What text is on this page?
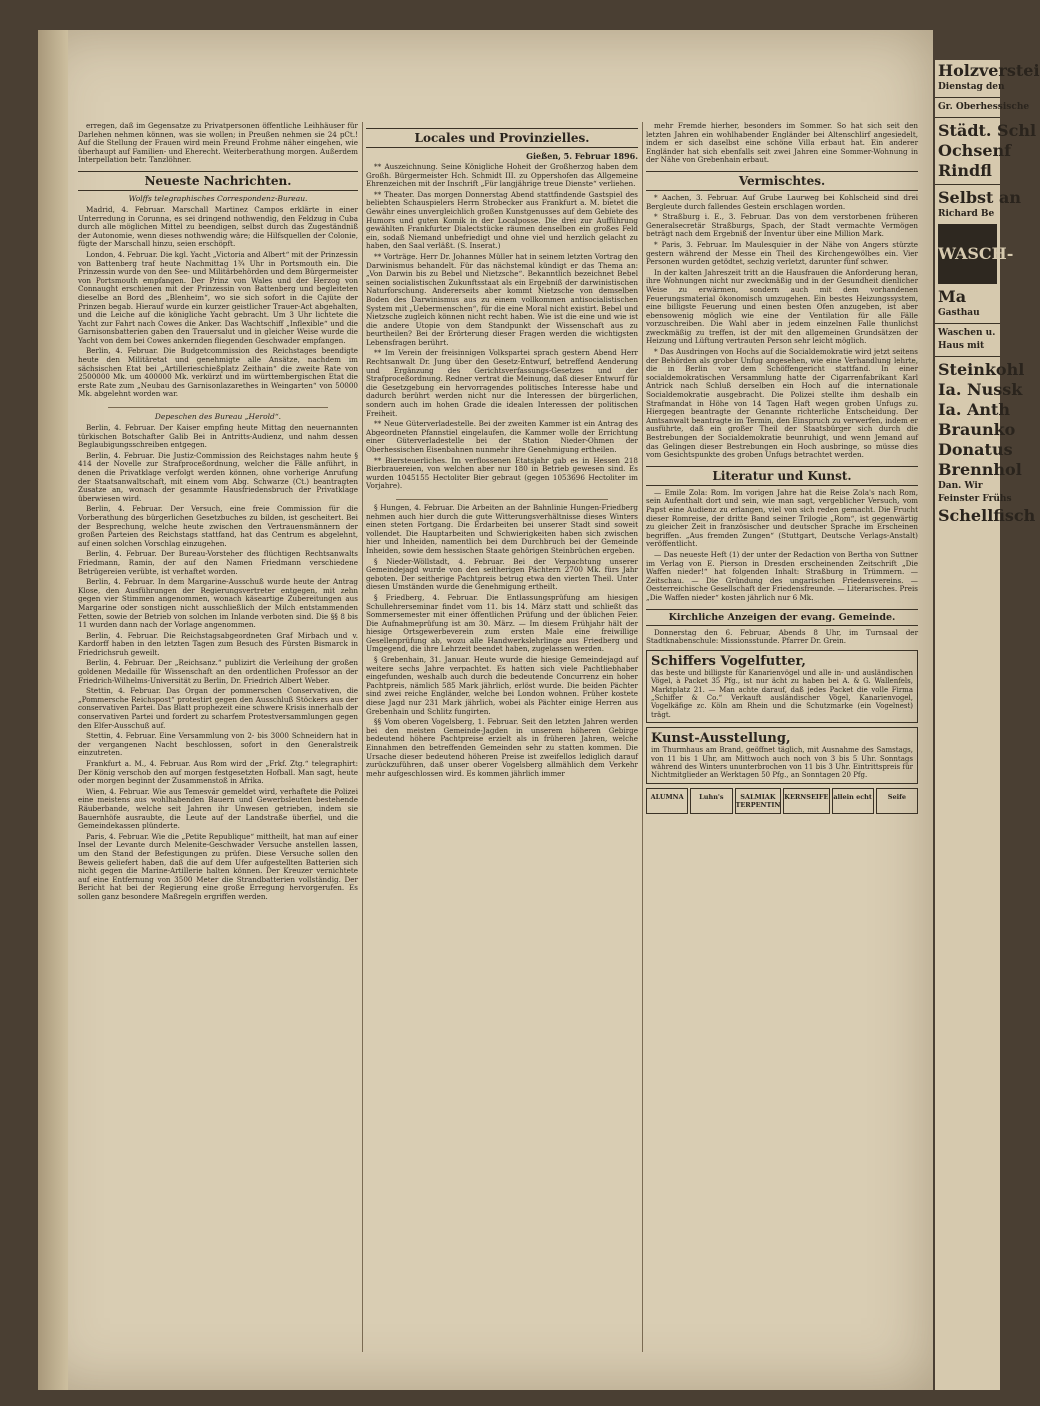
erregen, daß im Gegensatze zu Privatpersonen öffentliche Leihhäuser für Darlehen nehmen können, was sie wollen; in Preußen nehmen sie 24 pCt.! Auf die Stellung der Frauen wird mein Freund Frohme näher eingehen, wie überhaupt auf Familien- und Eherecht. Weiterberathung morgen. Außerdem Interpellation betr. Tanzlöhner.

Neueste Nachrichten.
Wolffs telegraphisches Correspondenz-Bureau.

Madrid, 4. Februar. Marschall Martinez Campos erklärte in einer Unterredung in Corunna, es sei dringend nothwendig, den Feldzug in Cuba durch alle möglichen Mittel zu beendigen, selbst durch das Zugeständniß der Autonomie, wenn dieses nothwendig wäre; die Hilfsquellen der Colonie, fügte der Marschall hinzu, seien erschöpft.

London, 4. Februar. Die kgl. Yacht „Victoria and Albert“ mit der Prinzessin von Battenberg traf heute Nachmittag 1¾ Uhr in Portsmouth ein. Die Prinzessin wurde von den See- und Militärbehörden und dem Bürgermeister von Portsmouth empfangen. Der Prinz von Wales und der Herzog von Connaught erschienen mit der Prinzessin von Battenberg und begleiteten dieselbe an Bord des „Blenheim“, wo sie sich sofort in die Cajüte der Prinzen begab. Hierauf wurde ein kurzer geistlicher Trauer-Act abgehalten, und die Leiche auf die königliche Yacht gebracht. Um 3 Uhr lichtete die Yacht zur Fahrt nach Cowes die Anker. Das Wachtschiff „Inflexible“ und die Garnisonsbatterien gaben den Trauersalut und in gleicher Weise wurde die Yacht von dem bei Cowes ankernden fliegenden Geschwader empfangen.

Berlin, 4. Februar. Die Budgetcommission des Reichstages beendigte heute den Militäretat und genehmigte alle Ansätze, nachdem im sächsischen Etat bei „Artillerieschießplatz Zeithain“ die zweite Rate von 2500000 Mk. um 400000 Mk. verkürzt und im württembergischen Etat die erste Rate zum „Neubau des Garnisonlazarethes in Weingarten“ von 50000 Mk. abgelehnt worden war.

Depeschen des Bureau „Herold“.

Berlin, 4. Februar. Der Kaiser empfing heute Mittag den neuernannten türkischen Botschafter Galib Bei in Antritts-Audienz, und nahm dessen Beglaubigungsschreiben entgegen.

Berlin, 4. Februar. Die Justiz-Commission des Reichstages nahm heute § 414 der Novelle zur Strafproceßordnung, welcher die Fälle anführt, in denen die Privatklage verfolgt werden können, ohne vorherige Anrufung der Staatsanwaltschaft, mit einem vom Abg. Schwarze (Ct.) beantragten Zusatze an, wonach der gesammte Hausfriedensbruch der Privatklage überwiesen wird.

Berlin, 4. Februar. Der Versuch, eine freie Commission für die Vorberathung des bürgerlichen Gesetzbuches zu bilden, ist gescheitert. Bei der Besprechung, welche heute zwischen den Vertrauensmännern der großen Parteien des Reichstags stattfand, hat das Centrum es abgelehnt, auf einen solchen Vorschlag einzugehen.

Berlin, 4. Februar. Der Bureau-Vorsteher des flüchtigen Rechtsanwalts Friedmann, Ramin, der auf den Namen Friedmann verschiedene Betrügereien verübte, ist verhaftet worden.

Berlin, 4. Februar. In dem Margarine-Ausschuß wurde heute der Antrag Klose, den Ausführungen der Regierungsvertreter entgegen, mit zehn gegen vier Stimmen angenommen, wonach käseartige Zubereitungen aus Margarine oder sonstigen nicht ausschließlich der Milch entstammenden Fetten, sowie der Betrieb von solchen im Inlande verboten sind. Die §§ 8 bis 11 wurden dann nach der Vorlage angenommen.

Berlin, 4. Februar. Die Reichstagsabgeordneten Graf Mirbach und v. Kardorff haben in den letzten Tagen zum Besuch des Fürsten Bismarck in Friedrichsruh geweilt.

Berlin, 4. Februar. Der „Reichsanz.“ publizirt die Verleihung der großen goldenen Medaille für Wissenschaft an den ordentlichen Professor an der Friedrich-Wilhelms-Universität zu Berlin, Dr. Friedrich Albert Weber.

Stettin, 4. Februar. Das Organ der pommerschen Conservativen, die „Pommersche Reichspost“ protestirt gegen den Ausschluß Stöckers aus der conservativen Partei. Das Blatt prophezeit eine schwere Krisis innerhalb der conservativen Partei und fordert zu scharfem Protestversammlungen gegen den Elfer-Ausschuß auf.

Stettin, 4. Februar. Eine Versammlung von 2- bis 3000 Schneidern hat in der vergangenen Nacht beschlossen, sofort in den Generalstreik einzutreten.

Frankfurt a. M., 4. Februar. Aus Rom wird der „Frkf. Ztg.“ telegraphirt: Der König verschob den auf morgen festgesetzten Hofball. Man sagt, heute oder morgen beginnt der Zusammenstoß in Afrika.

Wien, 4. Februar. Wie aus Temesvár gemeldet wird, verhaftete die Polizei eine meistens aus wohlhabenden Bauern und Gewerbsleuten bestehende Räuberbande, welche seit Jahren ihr Unwesen getrieben, indem sie Bauernhöfe ausraubte, die Leute auf der Landstraße überfiel, und die Gemeindekassen plünderte.

Paris, 4. Februar. Wie die „Petite Republique“ mittheilt, hat man auf einer Insel der Levante durch Melenite-Geschwader Versuche anstellen lassen, um den Stand der Befestigungen zu prüfen. Diese Versuche sollen den Beweis geliefert haben, daß die auf dem Ufer aufgestellten Batterien sich nicht gegen die Marine-Artillerie halten können. Der Kreuzer vernichtete auf eine Entfernung von 3500 Meter die Strandbatterien vollständig. Der Bericht hat bei der Regierung eine große Erregung hervorgerufen. Es sollen ganz besondere Maßregeln ergriffen werden.

Locales und Provinzielles.
Gießen, 5. Februar 1896.

** Auszeichnung. Seine Königliche Hoheit der Großherzog haben dem Großh. Bürgermeister Hch. Schmidt III. zu Oppershofen das Allgemeine Ehrenzeichen mit der Inschrift „Für langjährige treue Dienste“ verliehen.

** Theater. Das morgen Donnerstag Abend stattfindende Gastspiel des beliebten Schauspielers Herrn Strobecker aus Frankfurt a. M. bietet die Gewähr eines unvergleichlich großen Kunstgenusses auf dem Gebiete des Humors und guten Komik in der Localposse. Die drei zur Aufführung gewählten Frankfurter Dialectstücke räumen denselben ein großes Feld ein, sodaß Niemand unbefriedigt und ohne viel und herzlich gelacht zu haben, den Saal verläßt. (S. Inserat.)

** Vorträge. Herr Dr. Johannes Müller hat in seinem letzten Vortrag den Darwinismus behandelt. Für das nächstemal kündigt er das Thema an: „Von Darwin bis zu Bebel und Nietzsche“. Bekanntlich bezeichnet Bebel seinen socialistischen Zukunftsstaat als ein Ergebniß der darwinistischen Naturforschung. Andererseits aber kommt Nietzsche von demselben Boden des Darwinismus aus zu einem vollkommen antisocialistischen System mit „Uebermenschen“, für die eine Moral nicht existirt. Bebel und Nietzsche zugleich können nicht recht haben. Wie ist die eine und wie ist die andere Utopie von dem Standpunkt der Wissenschaft aus zu beurtheilen? Bei der Erörterung dieser Fragen werden die wichtigsten Lebensfragen berührt.

** Im Verein der freisinnigen Volkspartei sprach gestern Abend Herr Rechtsanwalt Dr. Jung über den Gesetz-Entwurf, betreffend Aenderung und Ergänzung des Gerichtsverfassungs-Gesetzes und der Strafproceßordnung. Redner vertrat die Meinung, daß dieser Entwurf für die Gesetzgebung ein hervorragendes politisches Interesse habe und dadurch berührt werden nicht nur die Interessen der bürgerlichen, sondern auch im hohen Grade die idealen Interessen der politischen Freiheit.

** Neue Güterverladestelle. Bei der zweiten Kammer ist ein Antrag des Abgeordneten Pfannstiel eingelaufen, die Kammer wolle der Errichtung einer Güterverladestelle bei der Station Nieder-Ohmen der Oberhessischen Eisenbahnen nunmehr ihre Genehmigung ertheilen.

** Biersteuerliches. Im verflossenen Etatsjahr gab es in Hessen 218 Bierbrauereien, von welchen aber nur 180 in Betrieb gewesen sind. Es wurden 1045155 Hectoliter Bier gebraut (gegen 1053696 Hectoliter im Vorjahre).

§ Hungen, 4. Februar. Die Arbeiten an der Bahnlinie Hungen-Friedberg nehmen auch hier durch die gute Witterungsverhältnisse dieses Winters einen steten Fortgang. Die Erdarbeiten bei unserer Stadt sind soweit vollendet. Die Hauptarbeiten und Schwierigkeiten haben sich zwischen hier und Inheiden, namentlich bei dem Durchbruch bei der Gemeinde Inheiden, sowie dem hessischen Staate gehörigen Steinbrüchen ergeben.

§ Nieder-Wöllstadt, 4. Februar. Bei der Verpachtung unserer Gemeindejagd wurde von den seitherigen Pächtern 2700 Mk. fürs Jahr geboten. Der seitherige Pachtpreis betrug etwa den vierten Theil. Unter diesen Umständen wurde die Genehmigung ertheilt.

§ Friedberg, 4. Februar. Die Entlassungsprüfung am hiesigen Schullehrerseminar findet vom 11. bis 14. März statt und schließt das Sommersemester mit einer öffentlichen Prüfung und der üblichen Feier. Die Aufnahmeprüfung ist am 30. März. — Im diesem Frühjahr hält der hiesige Ortsgewerbeverein zum ersten Male eine freiwillige Gesellenprüfung ab, wozu alle Handwerkslehrlinge aus Friedberg und Umgegend, die ihre Lehrzeit beendet haben, zugelassen werden.

§ Grebenhain, 31. Januar. Heute wurde die hiesige Gemeindejagd auf weitere sechs Jahre verpachtet. Es hatten sich viele Pachtliebhaber eingefunden, weshalb auch durch die bedeutende Concurrenz ein hoher Pachtpreis, nämlich 585 Mark jährlich, erlöst wurde. Die beiden Pächter sind zwei reiche Engländer, welche bei London wohnen. Früher kostete diese Jagd nur 231 Mark jährlich, wobei als Pächter einige Herren aus Grebenhain und Schlitz fungirten.

§§ Vom oberen Vogelsberg, 1. Februar. Seit den letzten Jahren werden bei den meisten Gemeinde-Jagden in unserem höheren Gebirge bedeutend höhere Pachtpreise erzielt als in früheren Jahren, welche Einnahmen den betreffenden Gemeinden sehr zu statten kommen. Die Ursache dieser bedeutend höheren Preise ist zweifellos lediglich darauf zurückzuführen, daß unser oberer Vogelsberg allmählich dem Verkehr mehr aufgeschlossen wird. Es kommen jährlich immer

mehr Fremde hierher, besonders im Sommer. So hat sich seit den letzten Jahren ein wohlhabender Engländer bei Altenschlirf angesiedelt, indem er sich daselbst eine schöne Villa erbaut hat. Ein anderer Engländer hat sich ebenfalls seit zwei Jahren eine Sommer-Wohnung in der Nähe von Grebenhain erbaut.

Vermischtes.

* Aachen, 3. Februar. Auf Grube Laurweg bei Kohlscheid sind drei Bergleute durch fallendes Gestein erschlagen worden.

* Straßburg i. E., 3. Februar. Das von dem verstorbenen früheren Generalsecretär Straßburgs, Spach, der Stadt vermachte Vermögen beträgt nach dem Ergebniß der Inventur über eine Million Mark.

* Paris, 3. Februar. Im Maulesquier in der Nähe von Angers stürzte gestern während der Messe ein Theil des Kirchengewölbes ein. Vier Personen wurden getödtet, sechzig verletzt, darunter fünf schwer.

In der kalten Jahreszeit tritt an die Hausfrauen die Anforderung heran, ihre Wohnungen nicht nur zweckmäßig und in der Gesundheit dienlicher Weise zu erwärmen, sondern auch mit dem vorhandenen Feuerungsmaterial ökonomisch umzugehen. Ein bestes Heizungssystem, eine billigste Feuerung und einen besten Ofen anzugeben, ist aber ebensowenig möglich wie eine der Ventilation für alle Fälle vorzuschreiben. Die Wahl aber in jedem einzelnen Falle thunlichst zweckmäßig zu treffen, ist der mit den allgemeinen Grundsätzen der Heizung und Lüftung vertrauten Person sehr leicht möglich.

* Das Ausdringen von Hochs auf die Socialdemokratie wird jetzt seitens der Behörden als grober Unfug angesehen, wie eine Verhandlung lehrte, die in Berlin vor dem Schöffengericht stattfand. In einer socialdemokratischen Versammlung hatte der Cigarrenfabrikant Karl Antrick nach Schluß derselben ein Hoch auf die internationale Socialdemokratie ausgebracht. Die Polizei stellte ihm deshalb ein Strafmandat in Höhe von 14 Tagen Haft wegen groben Unfugs zu. Hiergegen beantragte der Genannte richterliche Entscheidung. Der Amtsanwalt beantragte im Termin, den Einspruch zu verwerfen, indem er ausführte, daß ein großer Theil der Staatsbürger sich durch die Bestrebungen der Socialdemokratie beunruhigt, und wenn Jemand auf das Gelingen dieser Bestrebungen ein Hoch ausbringe, so müsse dies vom Gesichtspunkte des groben Unfugs betrachtet werden.

Literatur und Kunst.

— Emile Zola: Rom. Im vorigen Jahre hat die Reise Zola's nach Rom, sein Aufenthalt dort und sein, wie man sagt, vergeblicher Versuch, vom Papst eine Audienz zu erlangen, viel von sich reden gemacht. Die Frucht dieser Romreise, der dritte Band seiner Trilogie „Rom“, ist gegenwärtig zu gleicher Zeit in französischer und deutscher Sprache im Erscheinen begriffen. „Aus fremden Zungen“ (Stuttgart, Deutsche Verlags-Anstalt) veröffentlicht.

— Das neueste Heft (1) der unter der Redaction von Bertha von Suttner im Verlag von E. Pierson in Dresden erscheinenden Zeitschrift „Die Waffen nieder!“ hat folgenden Inhalt: Straßburg in Trümmern. — Zeitschau. — Die Gründung des ungarischen Friedensvereins. — Oesterreichische Gesellschaft der Friedensfreunde. — Literarisches. Preis „Die Waffen nieder“ kosten jährlich nur 6 Mk.

Kirchliche Anzeigen der evang. Gemeinde.

Donnerstag den 6. Februar, Abends 8 Uhr, im Turnsaal der Stadtknabenschule: Missionsstunde. Pfarrer Dr. Grein.

Schiffers Vogelfutter,
das beste und billigste für Kanarienvögel und alle in- und ausländischen Vögel, à Packet 35 Pfg., ist nur ächt zu haben bei A. & G. Wallenfels, Marktplatz 21. — Man achte darauf, daß jedes Packet die volle Firma „Schiffer & Co.“ Verkauft ausländischer Vögel, Kanarienvogel, Vogelkäfige zc. Köln am Rhein und die Schutzmarke (ein Vogelnest) trägt.
Kunst-Ausstellung,
im Thurmhaus am Brand, geöffnet täglich, mit Ausnahme des Samstags, von 11 bis 1 Uhr, am Mittwoch auch noch von 3 bis 5 Uhr. Sonntags während des Winters ununterbrochen von 11 bis 3 Uhr. Eintrittspreis für Nichtmitglieder an Werktagen 50 Pfg., an Sonntagen 20 Pfg.
ALUMNA	Luhn's	SALMIAK TERPENTIN
KERNSEIFE allein echt	Seife
Holzverstei
Dienstag den
Gr. Oberhessische
Städt. Schl
Ochsenf
Rindfl
Selbst an
Richard Be
WASCH-
Ma
Gasthau
Waschen u.
Haus mit
Steinkohl
Ia. Nussk
Ia. Anth
Braunko
Donatus
Brennhol
Dan. Wir
Feinster Frühs
Schellfisch
